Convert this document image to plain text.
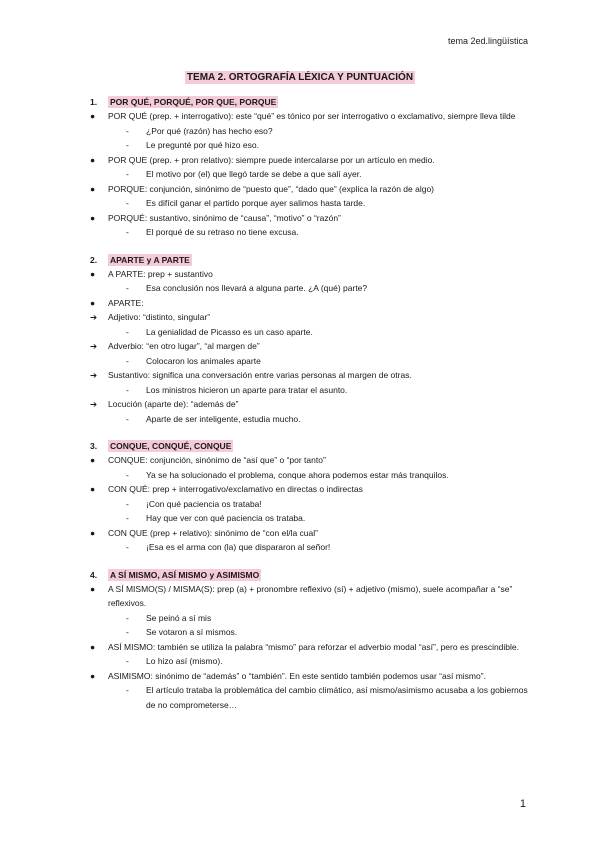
tema 2ed.lingüística
TEMA 2. ORTOGRAFÍA LÉXICA Y PUNTUACIÓN
1. POR QUÉ, PORQUÉ, POR QUE, PORQUE
● POR QUÉ (prep. + interrogativo): este “qué” es tónico por ser interrogativo o exclamativo, siempre lleva tilde
- ¿Por qué (razón) has hecho eso?
- Le pregunté por qué hizo eso.
● POR QUE (prep. + pron relativo): siempre puede intercalarse por un artículo en medio.
- El motivo por (el) que llegó tarde se debe a que salí ayer.
● PORQUE: conjunción, sinónimo de “puesto que”, “dado que” (explica la razón de algo)
- Es difícil ganar el partido porque ayer salimos hasta tarde.
● PORQUÉ: sustantivo, sinónimo de “causa”, “motivo” o “razón”
- El porqué de su retraso no tiene excusa.
2. APARTE y A PARTE
● A PARTE: prep + sustantivo
- Esa conclusión nos llevará a alguna parte. ¿A (qué) parte?
● APARTE:
➔ Adjetivo: “distinto, singular”
- La genialidad de Picasso es un caso aparte.
➔ Adverbio: “en otro lugar”, “al margen de”
- Colocaron los animales aparte
➔ Sustantivo: significa una conversación entre varias personas al margen de otras.
- Los ministros hicieron un aparte para tratar el asunto.
➔ Locución (aparte de): “además de”
- Aparte de ser inteligente, estudia mucho.
3. CONQUE, CONQUÉ, CONQUE
● CONQUE: conjunción, sinónimo de “así que” o “por tanto”
- Ya se ha solucionado el problema, conque ahora podemos estar más tranquilos.
● CON QUÉ: prep + interrogativo/exclamativo en directas o indirectas
- ¡Con qué paciencia os trataba!
- Hay que ver con qué paciencia os trataba.
● CON QUE (prep + relativo): sinónimo de “con el/la cual”
- ¡Esa es el arma con (la) que dispararon al señor!
4. A SÍ MISMO, ASÍ MISMO y ASIMISMO
● A SÍ MISMO(S) / MISMA(S): prep (a) + pronombre reflexivo (sí) + adjetivo (mismo), suele acompañar a “se” reflexivos.
- Se peinó a sí mis
- Se votaron a sí mismos.
● ASÍ MISMO: también se utiliza la palabra “mismo” para reforzar el adverbio modal “así”, pero es prescindible.
- Lo hizo así (mismo).
● ASIMISMO: sinónimo de “además” o “también”. En este sentido también podemos usar “así mismo”.
- El artículo trataba la problemática del cambio climático, así mismo/asimismo acusaba a los gobiernos de no comprometerse…
1
